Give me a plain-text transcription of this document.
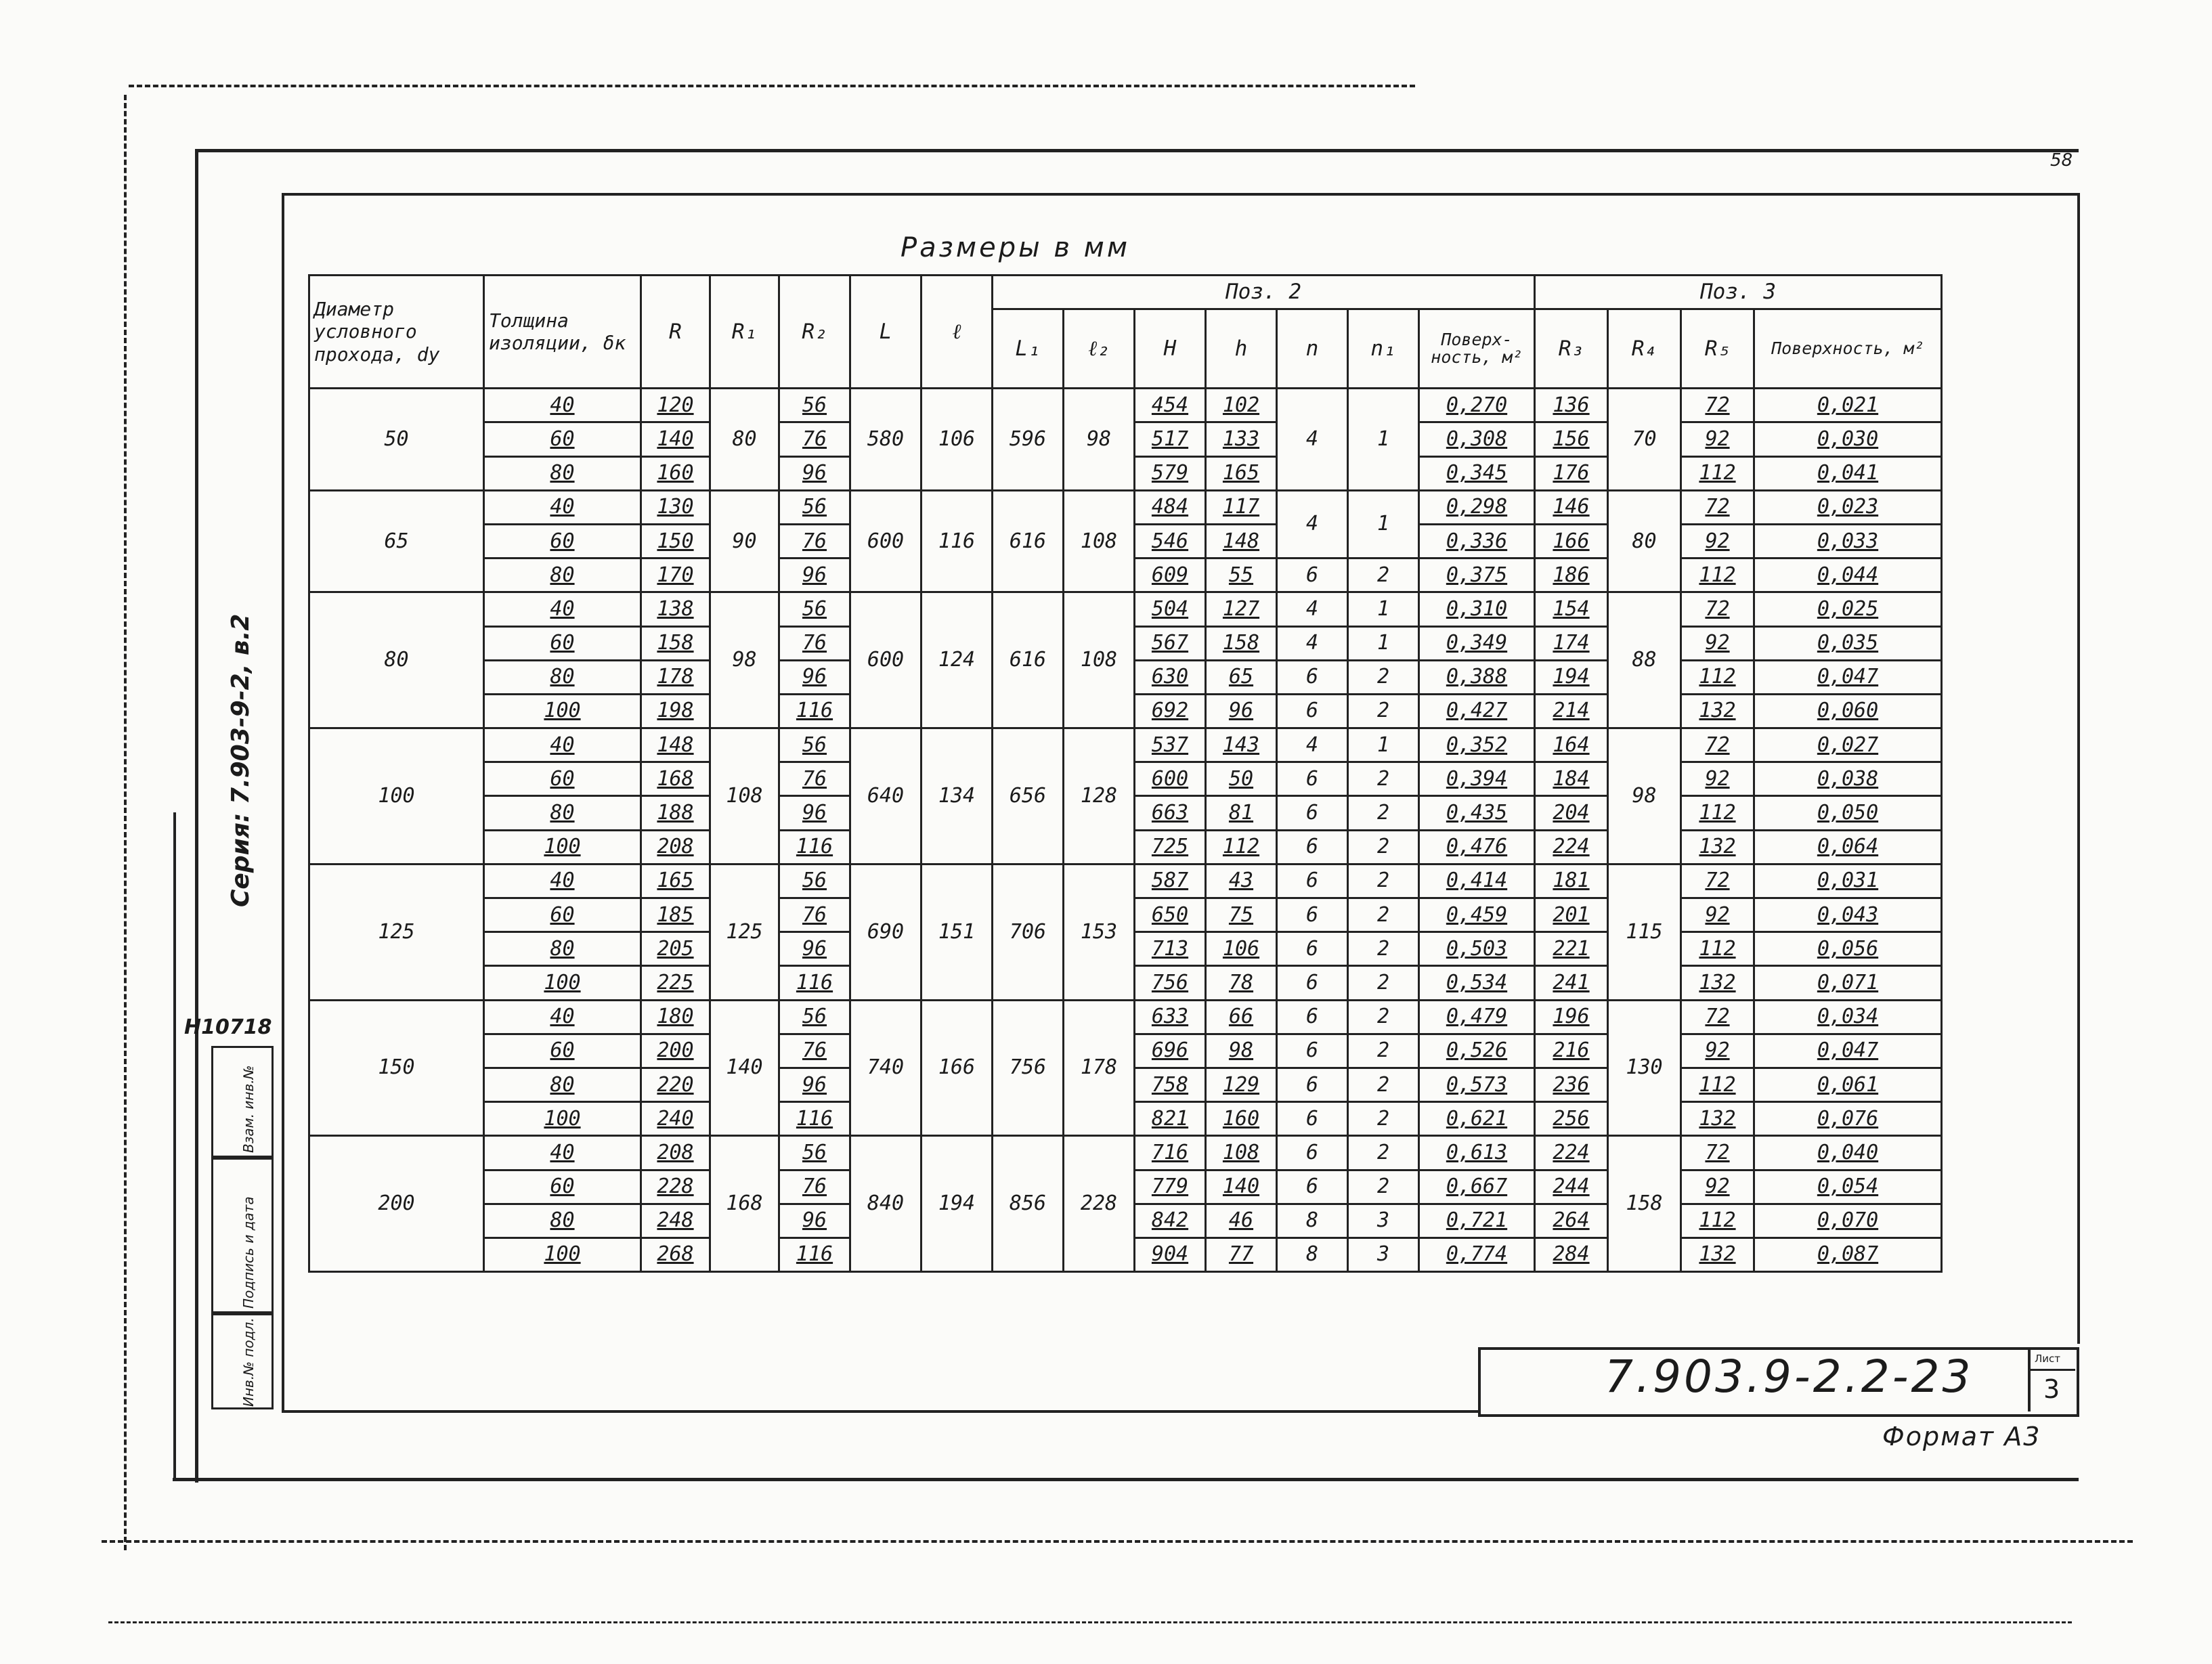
58
Серия: 7.903-9-2, в.2
Н10718
Взам. инв.№
Подпись и дата
Инв.№ подл.
Размеры в мм
Диаметр условного прохода, dy	Толщина изоляции, δк	R	R₁	R₂	L	ℓ	Поз. 2							Поз. 3			
							L₁	ℓ₂	H	h	n	n₁	Поверх-ность, м²	R₃	R₄	R₅	Поверхность, м²
50	40	120	80	56	580	106	596	98	454	102	4	1	0,270	136	70	72	0,021
	60	140		76					517	133			0,308	156		92	0,030
	80	160		96					579	165			0,345	176		112	0,041
65	40	130	90	56	600	116	616	108	484	117	4	1	0,298	146	80	72	0,023
	60	150		76					546	148			0,336	166		92	0,033
	80	170		96					609	55	6	2	0,375	186		112	0,044
80	40	138	98	56	600	124	616	108	504	127	4	1	0,310	154	88	72	0,025
	60	158		76					567	158	4	1	0,349	174		92	0,035
	80	178		96					630	65	6	2	0,388	194		112	0,047
	100	198		116					692	96	6	2	0,427	214		132	0,060
100	40	148	108	56	640	134	656	128	537	143	4	1	0,352	164	98	72	0,027
	60	168		76					600	50	6	2	0,394	184		92	0,038
	80	188		96					663	81	6	2	0,435	204		112	0,050
	100	208		116					725	112	6	2	0,476	224		132	0,064
125	40	165	125	56	690	151	706	153	587	43	6	2	0,414	181	115	72	0,031
	60	185		76					650	75	6	2	0,459	201		92	0,043
	80	205		96					713	106	6	2	0,503	221		112	0,056
	100	225		116					756	78	6	2	0,534	241		132	0,071
150	40	180	140	56	740	166	756	178	633	66	6	2	0,479	196	130	72	0,034
	60	200		76					696	98	6	2	0,526	216		92	0,047
	80	220		96					758	129	6	2	0,573	236		112	0,061
	100	240		116					821	160	6	2	0,621	256		132	0,076
200	40	208	168	56	840	194	856	228	716	108	6	2	0,613	224	158	72	0,040
	60	228		76					779	140	6	2	0,667	244		92	0,054
	80	248		96					842	46	8	3	0,721	264		112	0,070
	100	268		116					904	77	8	3	0,774	284		132	0,087
7.903.9-2.2-23	Лист
3
Формат А3
